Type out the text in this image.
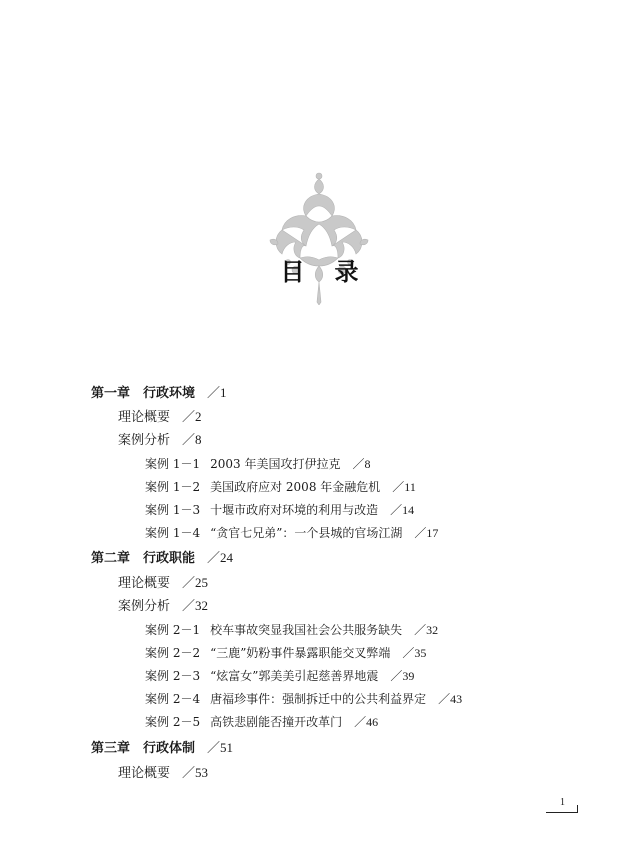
目录
第一章　行政环境 ／1
理论概要 ／2
案例分析 ／8
案例 1－1 2003 年美国攻打伊拉克 ／8
案例 1－2 美国政府应对 2008 年金融危机 ／11
案例 1－3 十堰市政府对环境的利用与改造 ／14
案例 1－4 “贪官七兄弟”：一个县城的官场江湖 ／17
第二章　行政职能 ／24
理论概要 ／25
案例分析 ／32
案例 2－1 校车事故突显我国社会公共服务缺失 ／32
案例 2－2 “三鹿”奶粉事件暴露职能交叉弊端 ／35
案例 2－3 “炫富女”郭美美引起慈善界地震 ／39
案例 2－4 唐福珍事件：强制拆迁中的公共利益界定 ／43
案例 2－5 高铁悲剧能否撞开改革门 ／46
第三章　行政体制 ／51
理论概要 ／53
1
